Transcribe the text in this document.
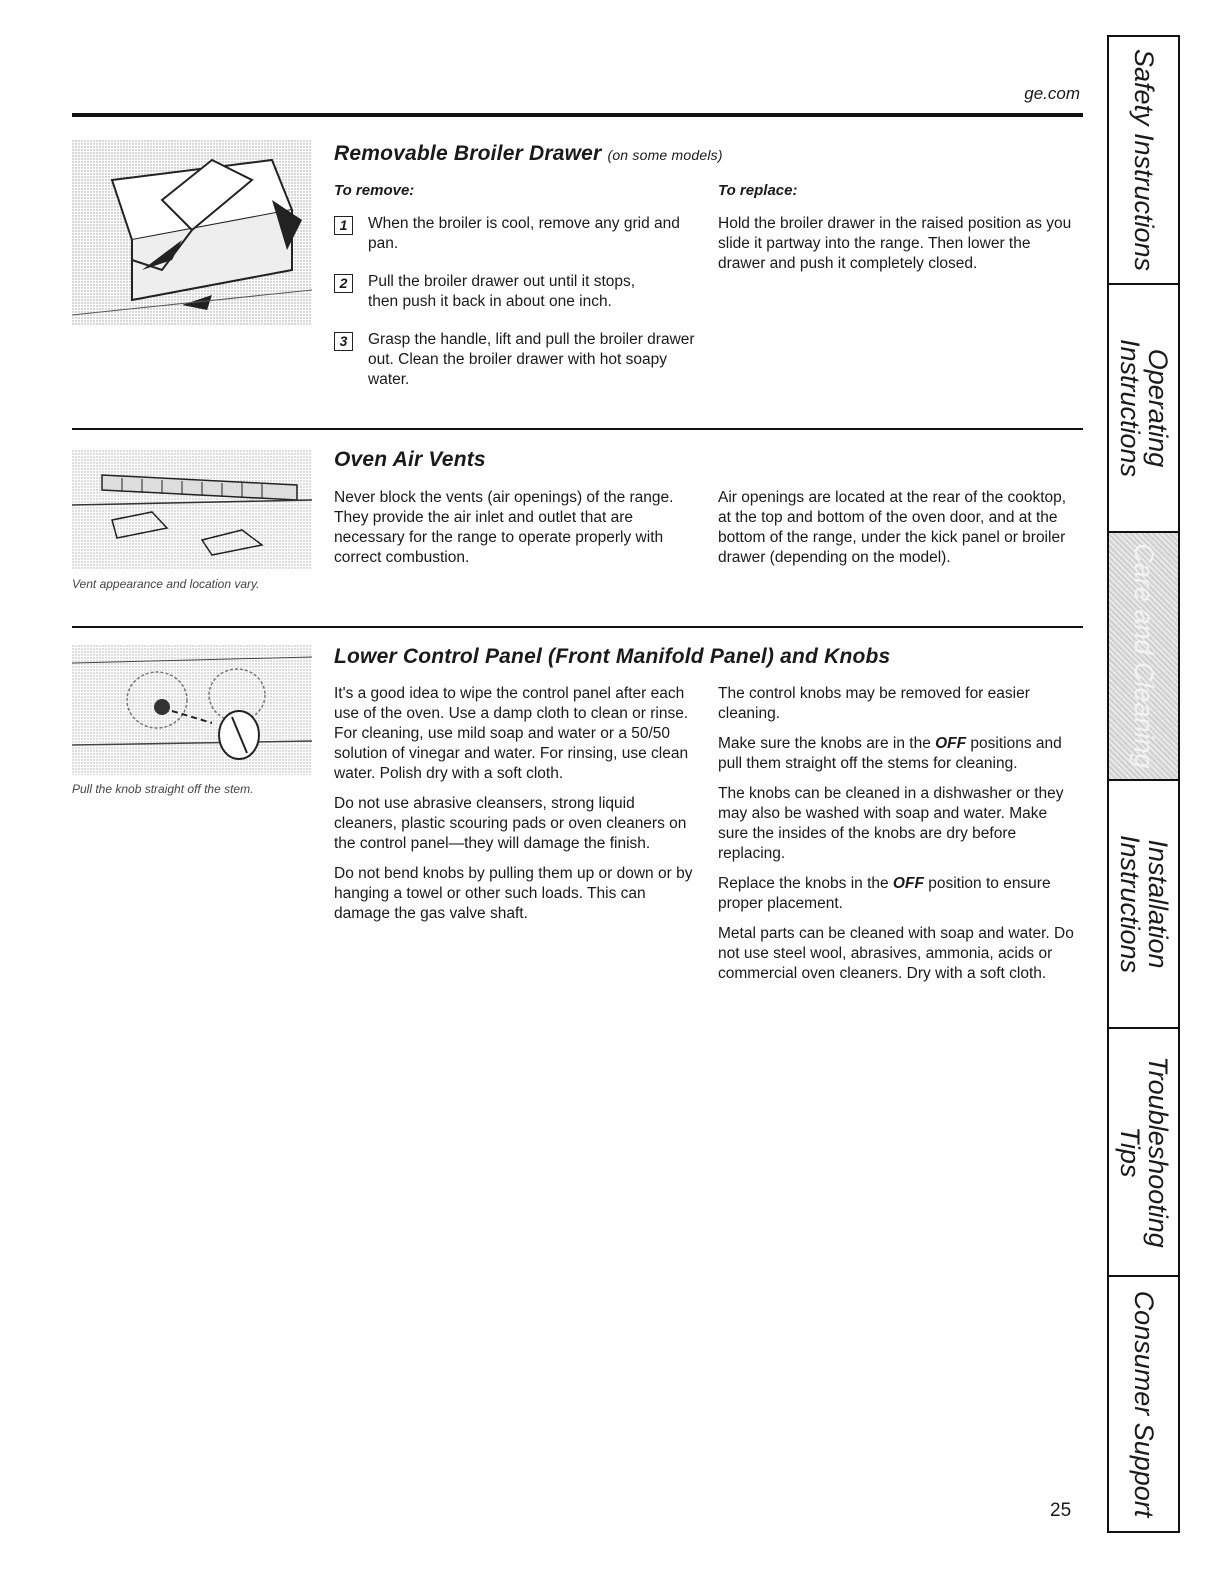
ge.com
Removable Broiler Drawer (on some models)
To remove:	To replace:
1	When the broiler is cool, remove any grid and pan.
2	Pull the broiler drawer out until it stops, then push it back in about one inch.
3	Grasp the handle, lift and pull the broiler drawer out. Clean the broiler drawer with hot soapy water.
Hold the broiler drawer in the raised position as you slide it partway into the range. Then lower the drawer and push it completely closed.
Vent appearance and location vary.
Oven Air Vents
Never block the vents (air openings) of the range. They provide the air inlet and outlet that are necessary for the range to operate properly with correct combustion.
Air openings are located at the rear of the cooktop, at the top and bottom of the oven door, and at the bottom of the range, under the kick panel or broiler drawer (depending on the model).
Pull the knob straight off the stem.
Lower Control Panel (Front Manifold Panel) and Knobs

It's a good idea to wipe the control panel after each use of the oven. Use a damp cloth to clean or rinse. For cleaning, use mild soap and water or a 50/50 solution of vinegar and water. For rinsing, use clean water. Polish dry with a soft cloth.

Do not use abrasive cleansers, strong liquid cleaners, plastic scouring pads or oven cleaners on the control panel—they will damage the finish.

Do not bend knobs by pulling them up or down or by hanging a towel or other such loads. This can damage the gas valve shaft.

The control knobs may be removed for easier cleaning.

Make sure the knobs are in the OFF positions and pull them straight off the stems for cleaning.

The knobs can be cleaned in a dishwasher or they may also be washed with soap and water. Make sure the insides of the knobs are dry before replacing.

Replace the knobs in the OFF position to ensure proper placement.

Metal parts can be cleaned with soap and water. Do not use steel wool, abrasives, ammonia, acids or commercial oven cleaners. Dry with a soft cloth.

Safety Instructions
Operating
Instructions
Care and Cleaning
Installation
Instructions
Troubleshooting
Tips
Consumer Support
25
